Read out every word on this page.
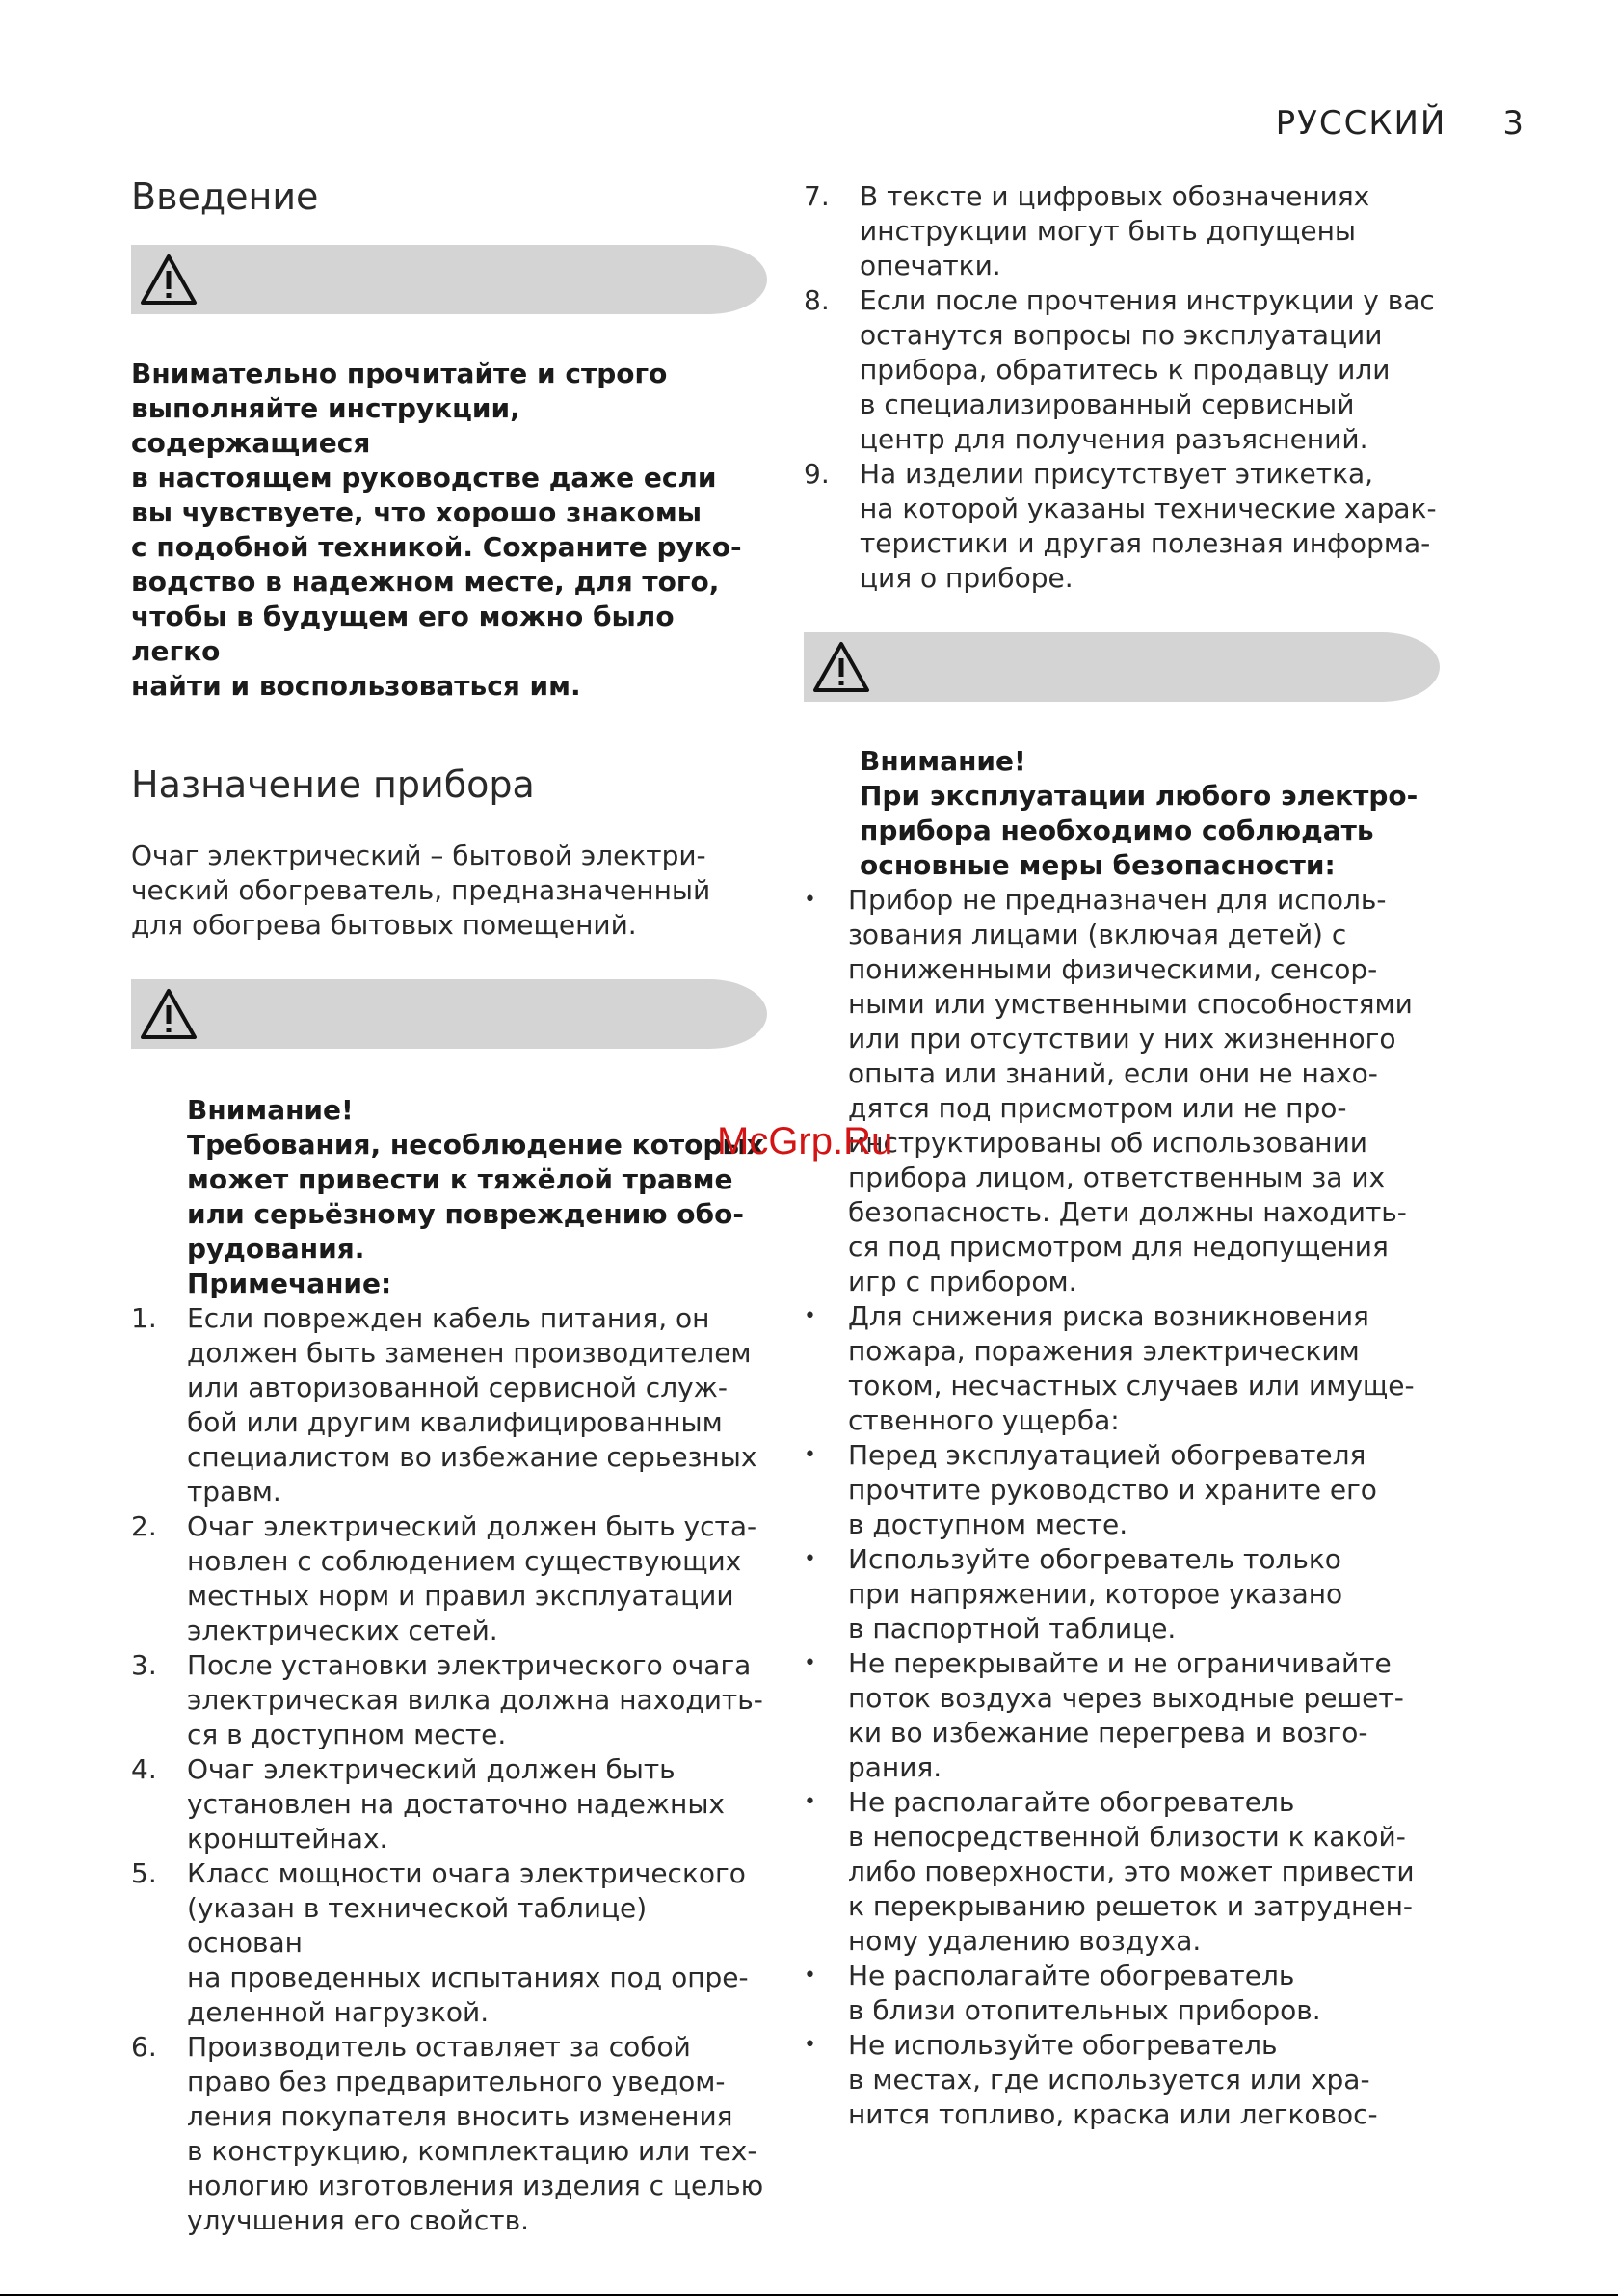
РУССКИЙ 3
Введение
Внимательно прочитайте и строго
выполняйте инструкции, содержащиеся
в настоящем руководстве даже если
вы чувствуете, что хорошо знакомы
с подобной техникой. Сохраните руко-
водство в надежном месте, для того,
чтобы в будущем его можно было легко
найти и воспользоваться им.
Назначение прибора
Очаг электрический – бытовой электри-
ческий обогреватель, предназначенный
для обогрева бытовых помещений.
Внимание!
Требования, несоблюдение которых
может привести к тяжёлой травме
или серьёзному повреждению обо-
рудования.
Примечание:
1. Если поврежден кабель питания, он
должен быть заменен производителем
или авторизованной сервисной служ-
бой или другим квалифицированным
специалистом во избежание серьезных
травм.
2. Очаг электрический должен быть уста-
новлен с соблюдением существующих
местных норм и правил эксплуатации
электрических сетей.
3. После установки электрического очага
электрическая вилка должна находить-
ся в доступном месте.
4. Очаг электрический должен быть
установлен на достаточно надежных
кронштейнах.
5. Класс мощности очага электрического
(указан в технической таблице) основан
на проведенных испытаниях под опре-
деленной нагрузкой.
6. Производитель оставляет за собой
право без предварительного уведом-
ления покупателя вносить изменения
в конструкцию, комплектацию или тех-
нологию изготовления изделия с целью
улучшения его свойств.
7. В тексте и цифровых обозначениях
инструкции могут быть допущены
опечатки.
8. Если после прочтения инструкции у вас
останутся вопросы по эксплуатации
прибора, обратитесь к продавцу или
в специализированный сервисный
центр для получения разъяснений.
9. На изделии присутствует этикетка,
на которой указаны технические харак-
теристики и другая полезная информа-
ция о приборе.
Внимание!
При эксплуатации любого электро-
прибора необходимо соблюдать
основные меры безопасности:
• Прибор не предназначен для исполь-
зования лицами (включая детей) с
пониженными физическими, сенсор-
ными или умственными способностями
или при отсутствии у них жизненного
опыта или знаний, если они не нахо-
дятся под присмотром или не про-
инструктированы об использовании
прибора лицом, ответственным за их
безопасность. Дети должны находить-
ся под присмотром для недопущения
игр с прибором.
• Для снижения риска возникновения
пожара, поражения электрическим
током, несчастных случаев или имуще-
ственного ущерба:
• Перед эксплуатацией обогревателя
прочтите руководство и храните его
в доступном месте.
• Используйте обогреватель только
при напряжении, которое указано
в паспортной таблице.
• Не перекрывайте и не ограничивайте
поток воздуха через выходные решет-
ки во избежание перегрева и возго-
рания.
• Не располагайте обогреватель
в непосредственной близости к какой-
либо поверхности, это может привести
к перекрыванию решеток и затруднен-
ному удалению воздуха.
• Не располагайте обогреватель
в близи отопительных приборов.
• Не используйте обогреватель
в местах, где используется или хра-
нится топливо, краска или легковос-
McGrp.Ru
